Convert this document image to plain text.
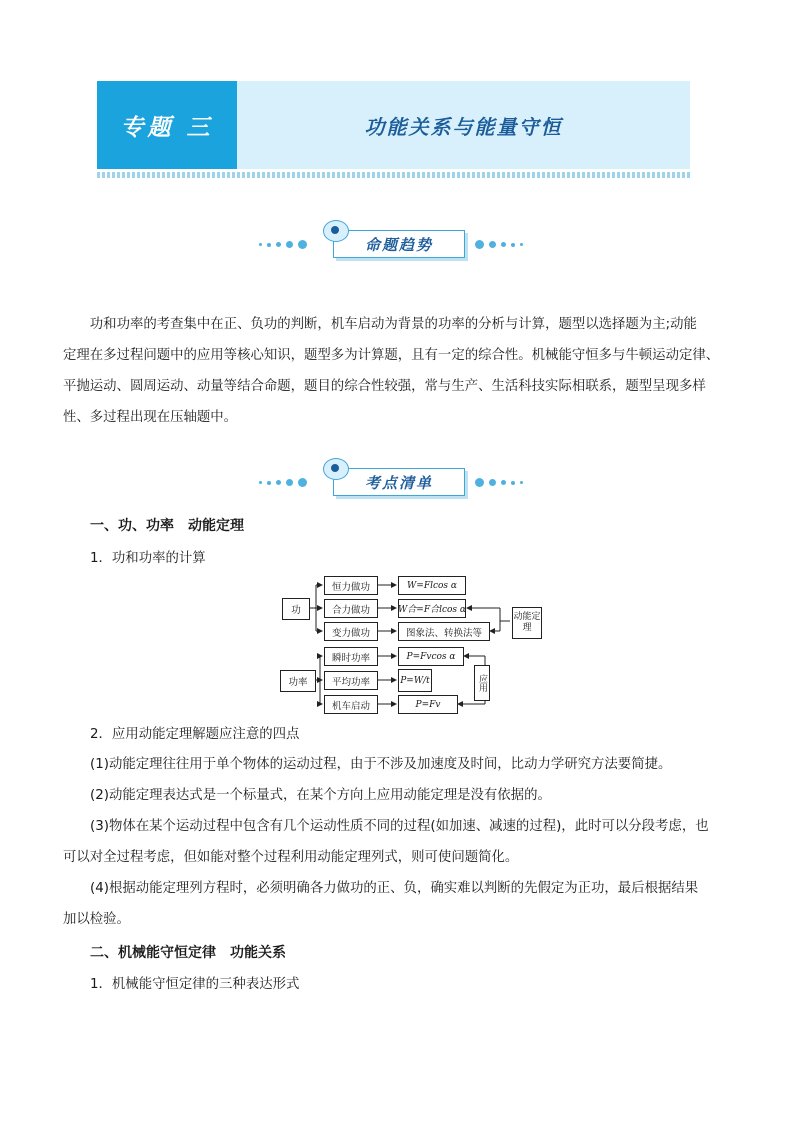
专题 三	功能关系与能量守恒
命题趋势
功和功率的考查集中在正、负功的判断，机车启动为背景的功率的分析与计算，题型以选择题为主;动能
定理在多过程问题中的应用等核心知识，题型多为计算题，且有一定的综合性。机械能守恒多与牛顿运动定律、
平抛运动、圆周运动、动量等结合命题，题目的综合性较强，常与生产、生活科技实际相联系，题型呈现多样
性、多过程出现在压轴题中。
考点清单
一、功、功率　动能定理
1．功和功率的计算
功
功率
恒力做功
合力做功
变力做功
W=Flcos α
W合=F合lcos α
图象法、转换法等
瞬时功率
平均功率
机车启动
P=Fvcos α
P=W/t
P=Fv
动能定理
应用
2．应用动能定理解题应注意的四点
(1)动能定理往往用于单个物体的运动过程，由于不涉及加速度及时间，比动力学研究方法要简捷。
(2)动能定理表达式是一个标量式，在某个方向上应用动能定理是没有依据的。
(3)物体在某个运动过程中包含有几个运动性质不同的过程(如加速、减速的过程)，此时可以分段考虑，也
可以对全过程考虑，但如能对整个过程利用动能定理列式，则可使问题简化。
(4)根据动能定理列方程时，必须明确各力做功的正、负，确实难以判断的先假定为正功，最后根据结果
加以检验。
二、机械能守恒定律　功能关系
1．机械能守恒定律的三种表达形式
